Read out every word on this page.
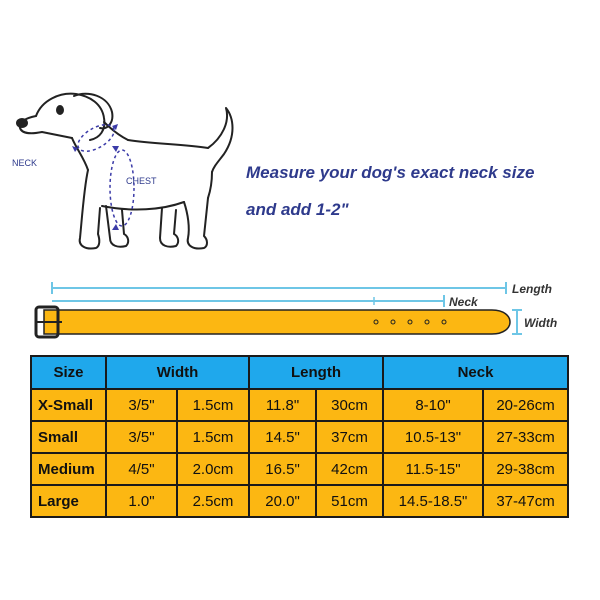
NECK
CHEST	Measure your dog's exact neck size
and add 1-2"
Length
Neck
Width
Size	Width		Length		Neck	
X-Small	3/5"	1.5cm	11.8"	30cm	8-10"	20-26cm
Small	3/5"	1.5cm	14.5"	37cm	10.5-13"	27-33cm
Medium	4/5"	2.0cm	16.5"	42cm	11.5-15"	29-38cm
Large	1.0"	2.5cm	20.0"	51cm	14.5-18.5"	37-47cm
